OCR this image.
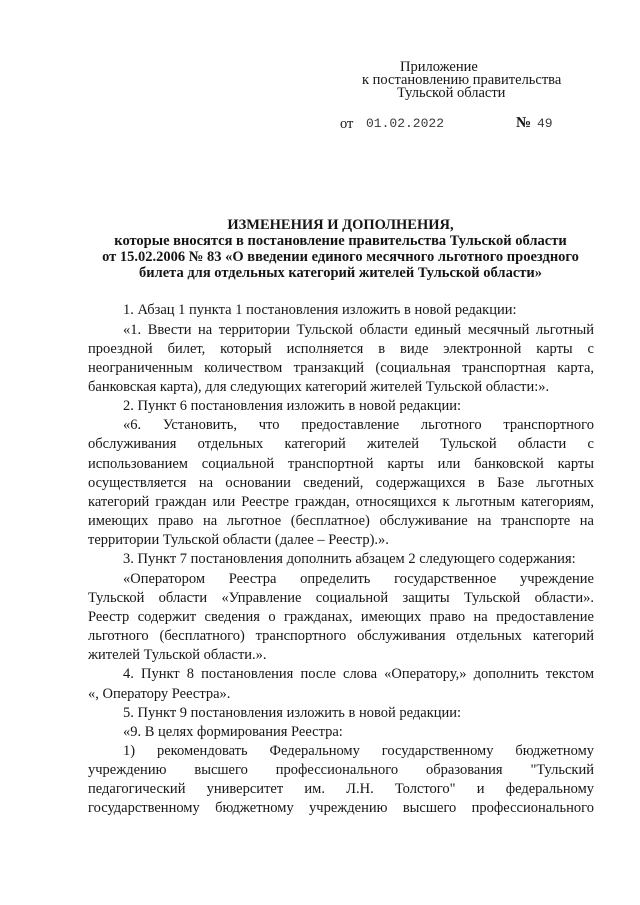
Приложение
к постановлению правительства
Тульской области
от 01.02.2022	№ 49
ИЗМЕНЕНИЯ И ДОПОЛНЕНИЯ,
которые вносятся в постановление правительства Тульской области
от 15.02.2006 № 83 «О введении единого месячного льготного проездного
билета для отдельных категорий жителей Тульской области»
1. Абзац 1 пункта 1 постановления изложить в новой редакции:
«1. Ввести на территории Тульской области единый месячный льготный
проездной билет, который исполняется в виде электронной карты с
неограниченным количеством транзакций (социальная транспортная карта,
банковская карта), для следующих категорий жителей Тульской области:».
2. Пункт 6 постановления изложить в новой редакции:
«6. Установить, что предоставление льготного транспортного
обслуживания отдельных категорий жителей Тульской области с
использованием социальной транспортной карты или банковской карты
осуществляется на основании сведений, содержащихся в Базе льготных
категорий граждан или Реестре граждан, относящихся к льготным категориям,
имеющих право на льготное (бесплатное) обслуживание на транспорте на
территории Тульской области (далее – Реестр).».
3. Пункт 7 постановления дополнить абзацем 2 следующего содержания:
«Оператором Реестра определить государственное учреждение
Тульской области «Управление социальной защиты Тульской области».
Реестр содержит сведения о гражданах, имеющих право на предоставление
льготного (бесплатного) транспортного обслуживания отдельных категорий
жителей Тульской области.».
4. Пункт 8 постановления после слова «Оператору,» дополнить текстом
«, Оператору Реестра».
5. Пункт 9 постановления изложить в новой редакции:
«9. В целях формирования Реестра:
1) рекомендовать Федеральному государственному бюджетному
учреждению высшего профессионального образования "Тульский
педагогический университет им. Л.Н. Толстого" и федеральному
государственному бюджетному учреждению высшего профессионального
